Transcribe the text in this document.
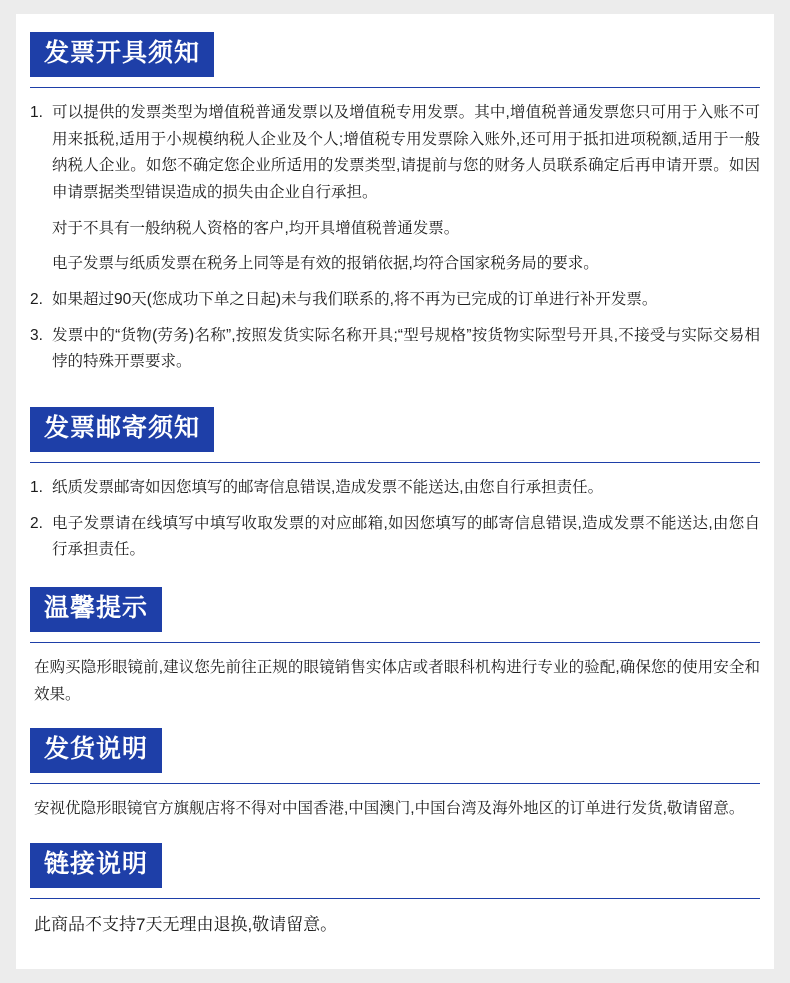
发票开具须知
可以提供的发票类型为增值税普通发票以及增值税专用发票。其中,增值税普通发票您只可用于入账不可用来抵税,适用于小规模纳税人企业及个人;增值税专用发票除入账外,还可用于抵扣进项税额,适用于一般纳税人企业。如您不确定您企业所适用的发票类型,请提前与您的财务人员联系确定后再申请开票。如因申请票据类型错误造成的损失由企业自行承担。
对于不具有一般纳税人资格的客户,均开具增值税普通发票。
电子发票与纸质发票在税务上同等是有效的报销依据,均符合国家税务局的要求。
如果超过90天(您成功下单之日起)未与我们联系的,将不再为已完成的订单进行补开发票。
发票中的“货物(劳务)名称”,按照发货实际名称开具;“型号规格”按货物实际型号开具,不接受与实际交易相悖的特殊开票要求。
发票邮寄须知
纸质发票邮寄如因您填写的邮寄信息错误,造成发票不能送达,由您自行承担责任。
电子发票请在线填写中填写收取发票的对应邮箱,如因您填写的邮寄信息错误,造成发票不能送达,由您自行承担责任。
温馨提示
在购买隐形眼镜前,建议您先前往正规的眼镜销售实体店或者眼科机构进行专业的验配,确保您的使用安全和效果。
发货说明
安视优隐形眼镜官方旗舰店将不得对中国香港,中国澳门,中国台湾及海外地区的订单进行发货,敬请留意。
链接说明
此商品不支持7天无理由退换,敬请留意。
